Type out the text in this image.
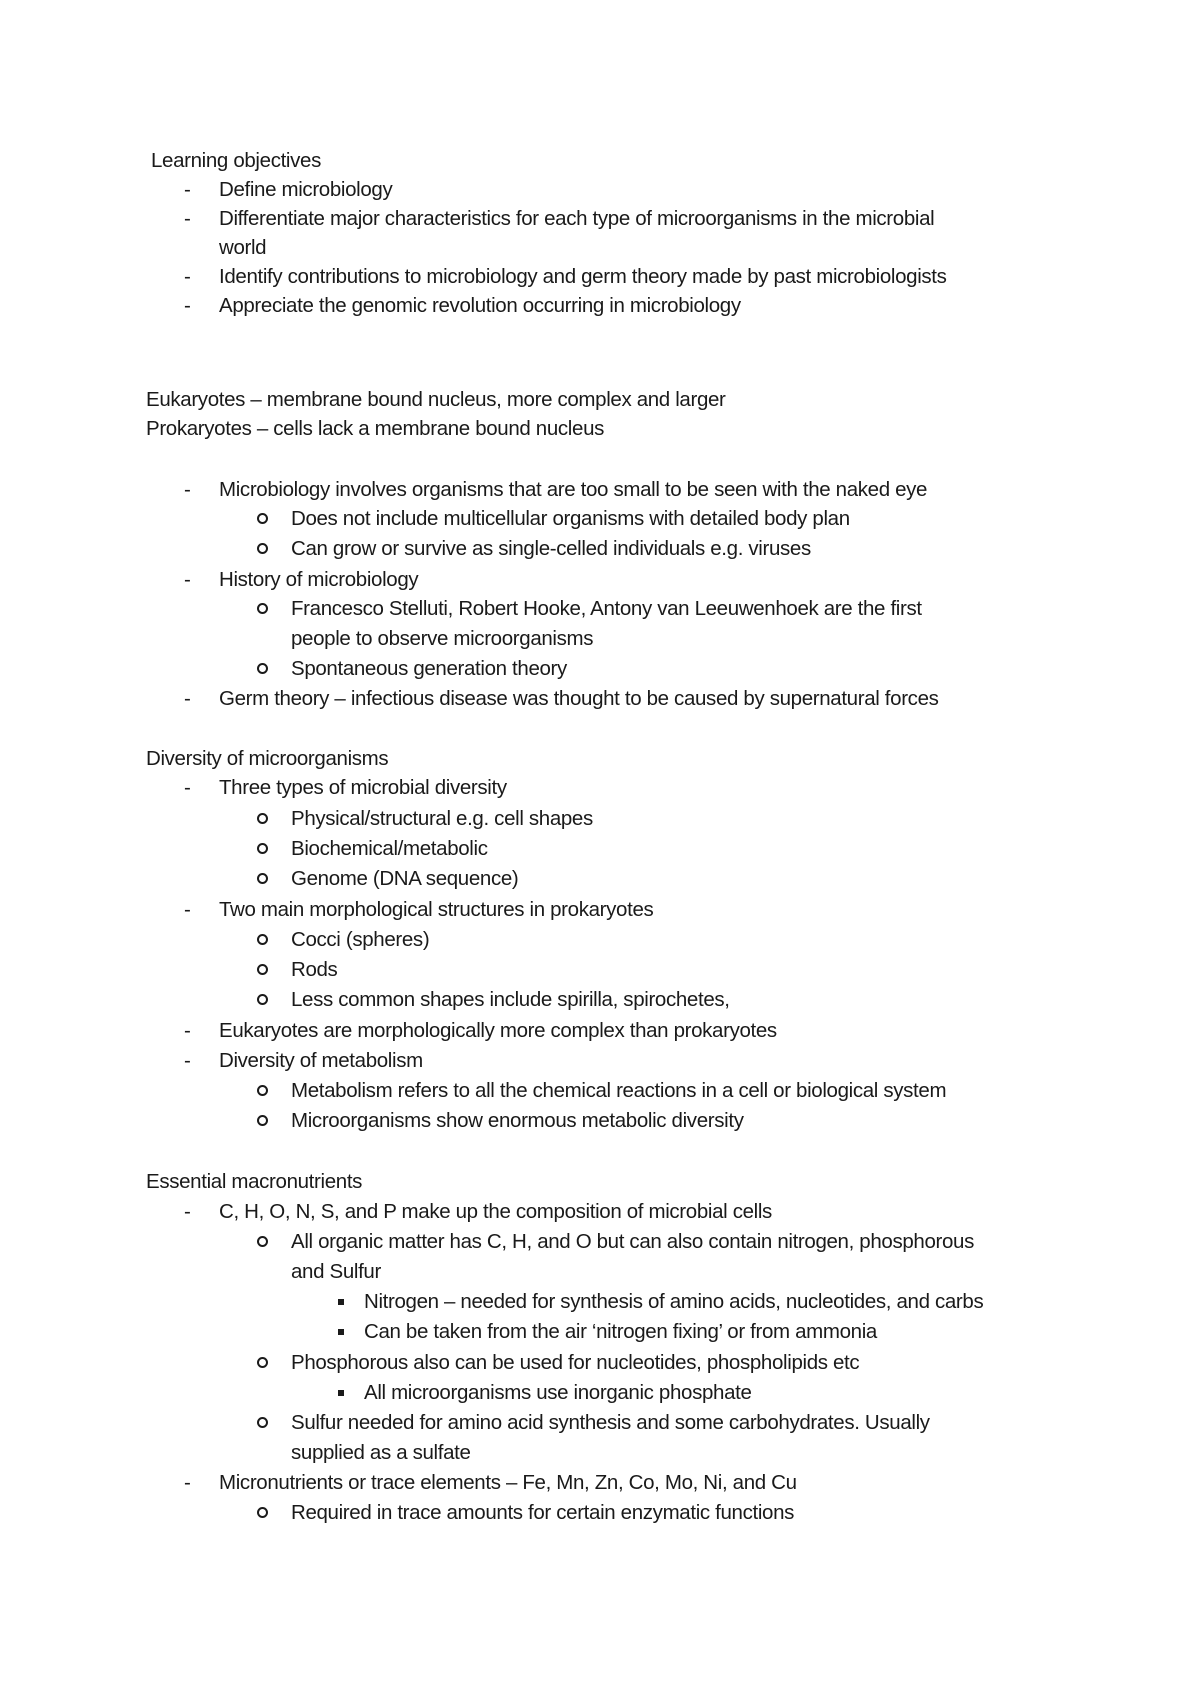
Learning objectives
- Define microbiology
- Differentiate major characteristics for each type of microorganisms in the microbial
world
- Identify contributions to microbiology and germ theory made by past microbiologists
- Appreciate the genomic revolution occurring in microbiology
Eukaryotes – membrane bound nucleus, more complex and larger
Prokaryotes – cells lack a membrane bound nucleus
- Microbiology involves organisms that are too small to be seen with the naked eye
Does not include multicellular organisms with detailed body plan
Can grow or survive as single-celled individuals e.g. viruses
- History of microbiology
Francesco Stelluti, Robert Hooke, Antony van Leeuwenhoek are the first
people to observe microorganisms
Spontaneous generation theory
- Germ theory – infectious disease was thought to be caused by supernatural forces
Diversity of microorganisms
- Three types of microbial diversity
Physical/structural e.g. cell shapes
Biochemical/metabolic
Genome (DNA sequence)
- Two main morphological structures in prokaryotes
Cocci (spheres)
Rods
Less common shapes include spirilla, spirochetes,
- Eukaryotes are morphologically more complex than prokaryotes
- Diversity of metabolism
Metabolism refers to all the chemical reactions in a cell or biological system
Microorganisms show enormous metabolic diversity
Essential macronutrients
- C, H, O, N, S, and P make up the composition of microbial cells
All organic matter has C, H, and O but can also contain nitrogen, phosphorous
and Sulfur
Nitrogen – needed for synthesis of amino acids, nucleotides, and carbs
Can be taken from the air ‘nitrogen fixing’ or from ammonia
Phosphorous also can be used for nucleotides, phospholipids etc
All microorganisms use inorganic phosphate
Sulfur needed for amino acid synthesis and some carbohydrates. Usually
supplied as a sulfate
- Micronutrients or trace elements – Fe, Mn, Zn, Co, Mo, Ni, and Cu
Required in trace amounts for certain enzymatic functions
